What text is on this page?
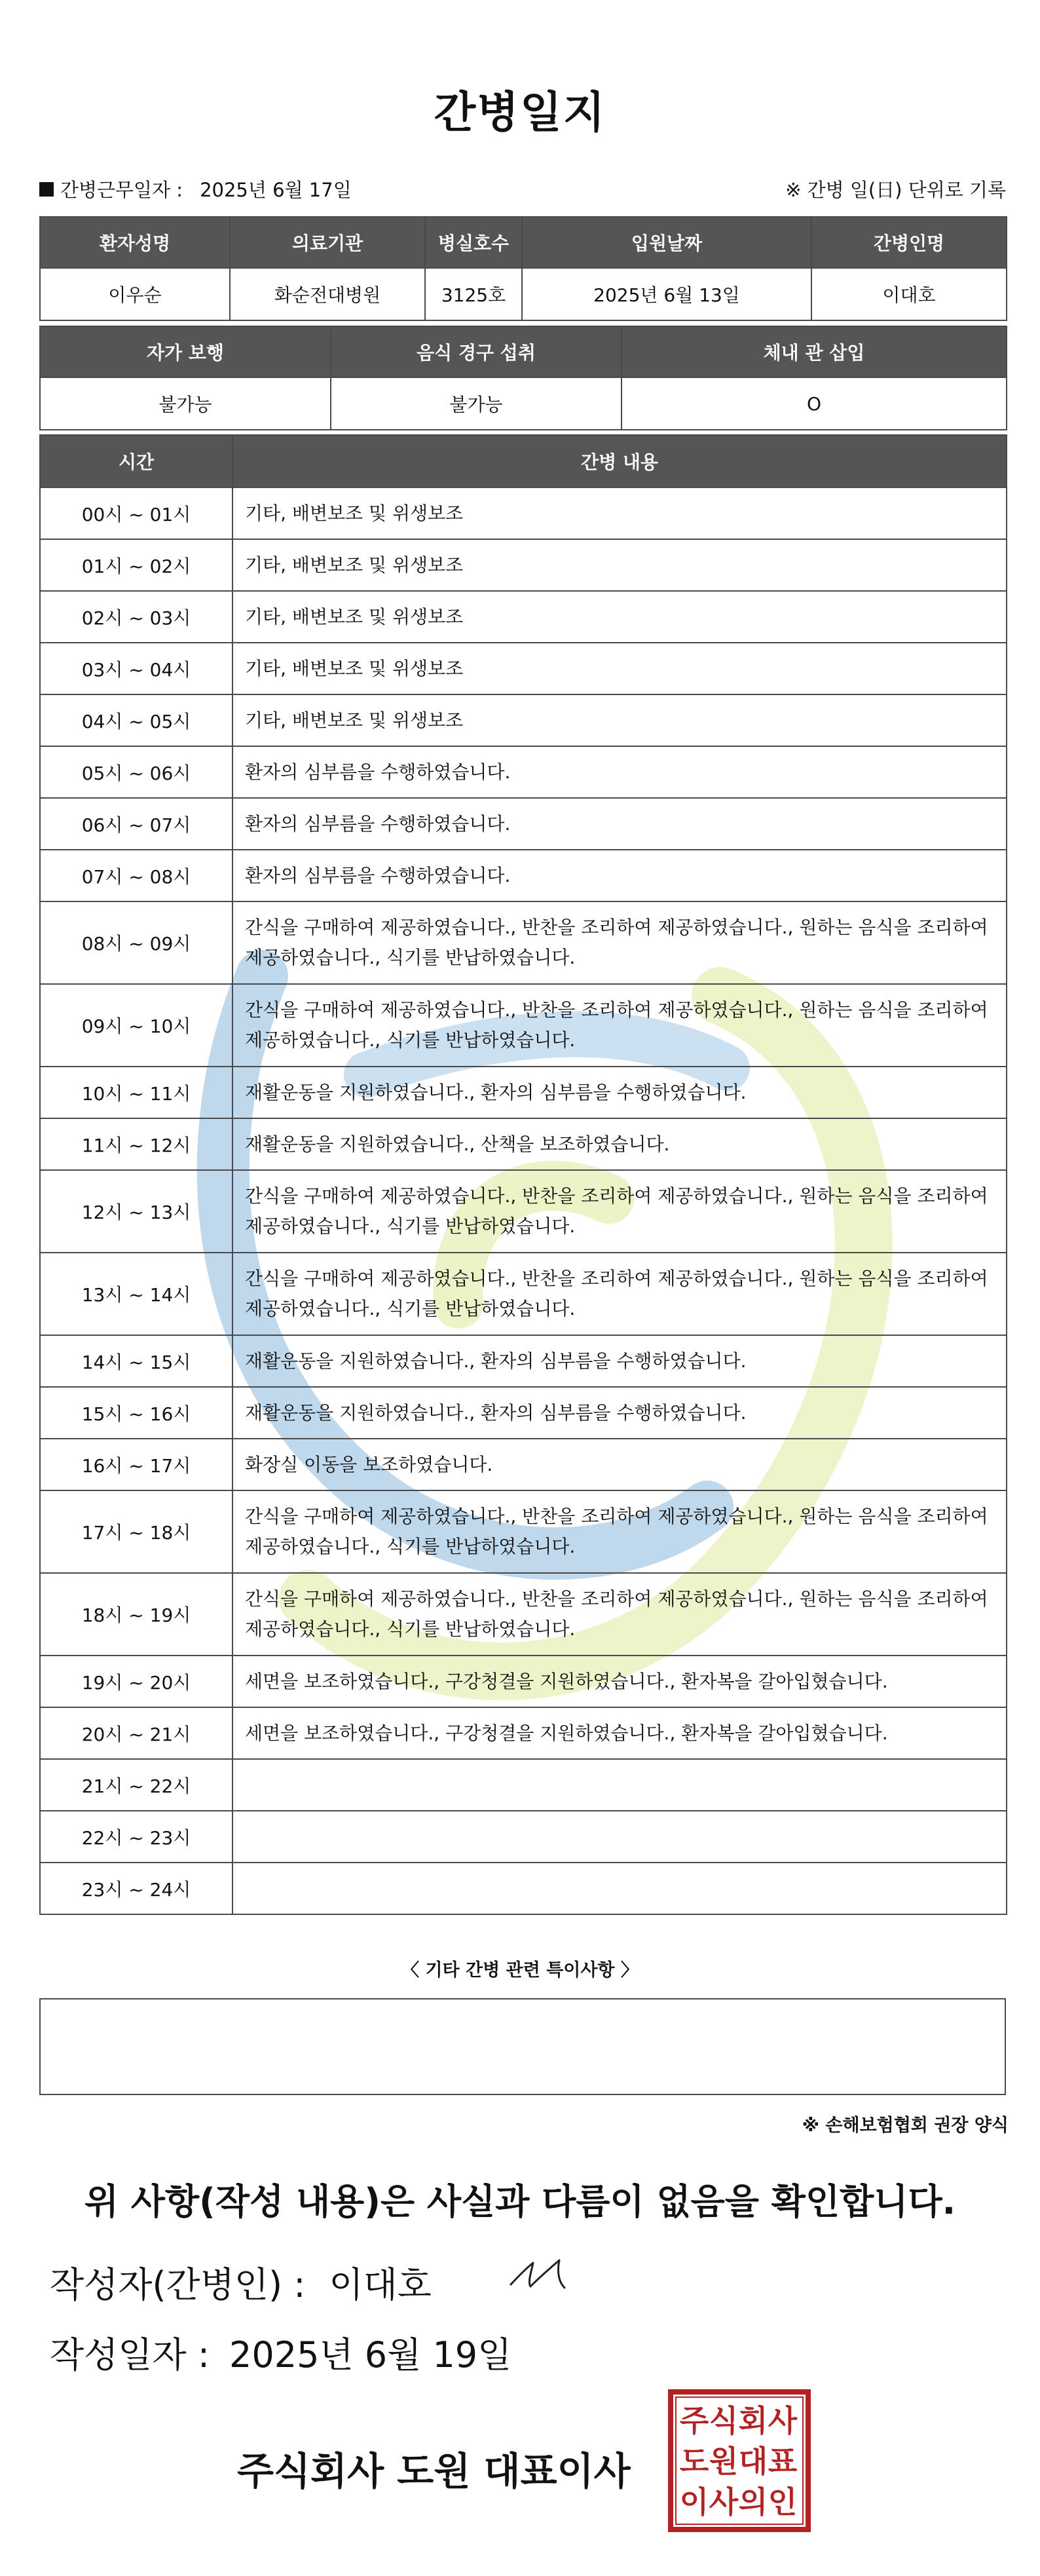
간병일지
간병근무일자 : 2025년 6월 17일	※ 간병 일(日) 단위로 기록
환자성명	의료기관	병실호수	입원날짜	간병인명
이우순	화순전대병원	3125호	2025년 6월 13일	이대호
자가 보행	음식 경구 섭취	체내 관 삽입
불가능	불가능	O
시간	간병 내용
00시 ~ 01시	기타, 배변보조 및 위생보조
01시 ~ 02시	기타, 배변보조 및 위생보조
02시 ~ 03시	기타, 배변보조 및 위생보조
03시 ~ 04시	기타, 배변보조 및 위생보조
04시 ~ 05시	기타, 배변보조 및 위생보조
05시 ~ 06시	환자의 심부름을 수행하였습니다.
06시 ~ 07시	환자의 심부름을 수행하였습니다.
07시 ~ 08시	환자의 심부름을 수행하였습니다.
08시 ~ 09시	간식을 구매하여 제공하였습니다., 반찬을 조리하여 제공하였습니다., 원하는 음식을 조리하여 제공하였습니다., 식기를 반납하였습니다.
09시 ~ 10시	간식을 구매하여 제공하였습니다., 반찬을 조리하여 제공하였습니다., 원하는 음식을 조리하여 제공하였습니다., 식기를 반납하였습니다.
10시 ~ 11시	재활운동을 지원하였습니다., 환자의 심부름을 수행하였습니다.
11시 ~ 12시	재활운동을 지원하였습니다., 산책을 보조하였습니다.
12시 ~ 13시	간식을 구매하여 제공하였습니다., 반찬을 조리하여 제공하였습니다., 원하는 음식을 조리하여 제공하였습니다., 식기를 반납하였습니다.
13시 ~ 14시	간식을 구매하여 제공하였습니다., 반찬을 조리하여 제공하였습니다., 원하는 음식을 조리하여 제공하였습니다., 식기를 반납하였습니다.
14시 ~ 15시	재활운동을 지원하였습니다., 환자의 심부름을 수행하였습니다.
15시 ~ 16시	재활운동을 지원하였습니다., 환자의 심부름을 수행하였습니다.
16시 ~ 17시	화장실 이동을 보조하였습니다.
17시 ~ 18시	간식을 구매하여 제공하였습니다., 반찬을 조리하여 제공하였습니다., 원하는 음식을 조리하여 제공하였습니다., 식기를 반납하였습니다.
18시 ~ 19시	간식을 구매하여 제공하였습니다., 반찬을 조리하여 제공하였습니다., 원하는 음식을 조리하여 제공하였습니다., 식기를 반납하였습니다.
19시 ~ 20시	세면을 보조하였습니다., 구강청결을 지원하였습니다., 환자복을 갈아입혔습니다.
20시 ~ 21시	세면을 보조하였습니다., 구강청결을 지원하였습니다., 환자복을 갈아입혔습니다.
21시 ~ 22시	
22시 ~ 23시	
23시 ~ 24시	
〈 기타 간병 관련 특이사항 〉
※ 손해보험협회 권장 양식
위 사항(작성 내용)은 사실과 다름이 없음을 확인합니다.
작성자(간병인) : 이대호
작성일자 : 2025년 6월 19일
주식회사 도원 대표이사
주 식 회 사
도 원 대 표
이 사 의 인
